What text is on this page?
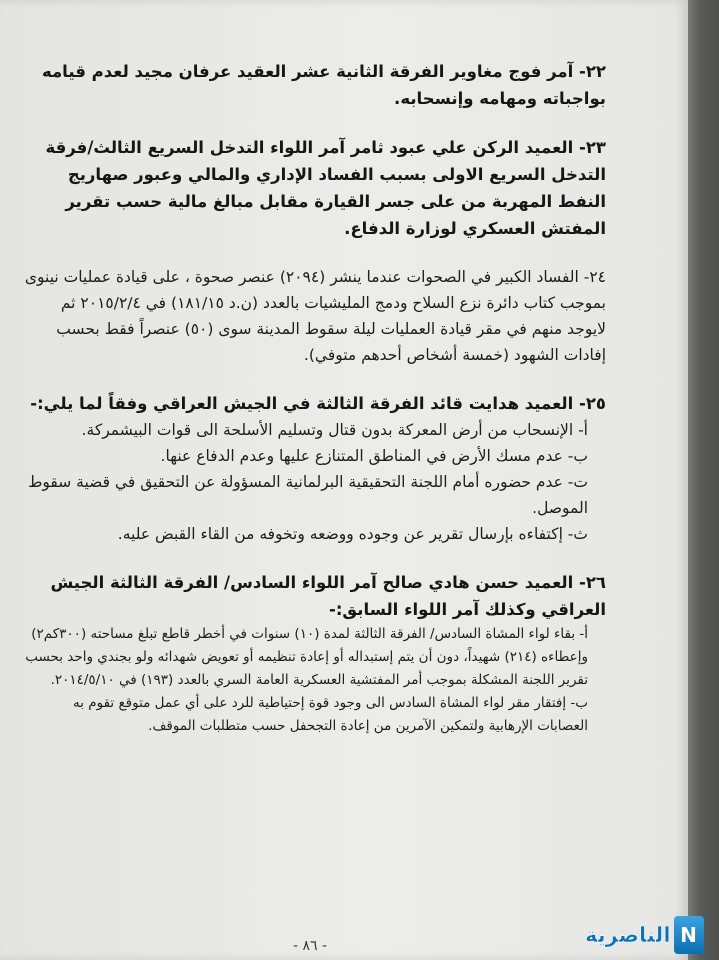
٢٢- آمر فوج مغاوير الفرقة الثانية عشر العقيد عرفان مجيد لعدم قيامه بواجباته ومهامه وإنسحابه.

٢٣- العميد الركن علي عبود ثامر آمر اللواء التدخل السريع الثالث/فرقة التدخل السريع الاولى بسبب الفساد الإداري والمالي وعبور صهاريج النفط المهربة من على جسر القيارة مقابل مبالغ مالية حسب تقرير المفتش العسكري لوزارة الدفاع.

٢٤- الفساد الكبير في الصحوات عندما ينشر (٢٠٩٤) عنصر صحوة ، على قيادة عمليات نينوى بموجب كتاب دائرة نزع السلاح ودمج المليشيات بالعدد (ن.د ١٨١/١٥) في ٢٠١٥/٢/٤ ثم لايوجد منهم في مقر قيادة العمليات ليلة سقوط المدينة سوى (٥٠) عنصراً فقط بحسب إفادات الشهود (خمسة أشخاص أحدهم متوفي).

٢٥- العميد هدايت قائد الفرقة الثالثة في الجيش العراقي وفقاً لما يلي:-

أ- الإنسحاب من أرض المعركة بدون قتال وتسليم الأسلحة الى قوات البيشمركة.

ب- عدم مسك الأرض في المناطق المتنازع عليها وعدم الدفاع عنها.

ت- عدم حضوره أمام اللجنة التحقيقية البرلمانية المسؤولة عن التحقيق في قضية سقوط الموصل.

ث- إكتفاءه بإرسال تقرير عن وجوده ووضعه وتخوفه من القاء القبض عليه.

٢٦- العميد حسن هادي صالح آمر اللواء السادس/ الفرقة الثالثة الجيش العراقي وكذلك آمر اللواء السابق:-

أ- بقاء لواء المشاة السادس/ الفرقة الثالثة لمدة (١٠) سنوات في أخطر قاطع تبلغ مساحته (٣٠٠كم٢) وإعطاءه (٢١٤) شهيداً، دون أن يتم إستبداله أو إعادة تنظيمه أو تعويض شهدائه ولو بجندي واحد بحسب تقرير اللجنة المشكلة بموجب أمر المفتشية العسكرية العامة السري بالعدد (١٩٣) في ٢٠١٤/٥/١٠.

ب- إفتقار مقر لواء المشاة السادس الى وجود قوة إحتياطية للرد على أي عمل متوقع تقوم به العصابات الإرهابية ولتمكين الآمرين من إعادة التجحفل حسب متطلبات الموقف.

- ٨٦ -	N
الناصرية
